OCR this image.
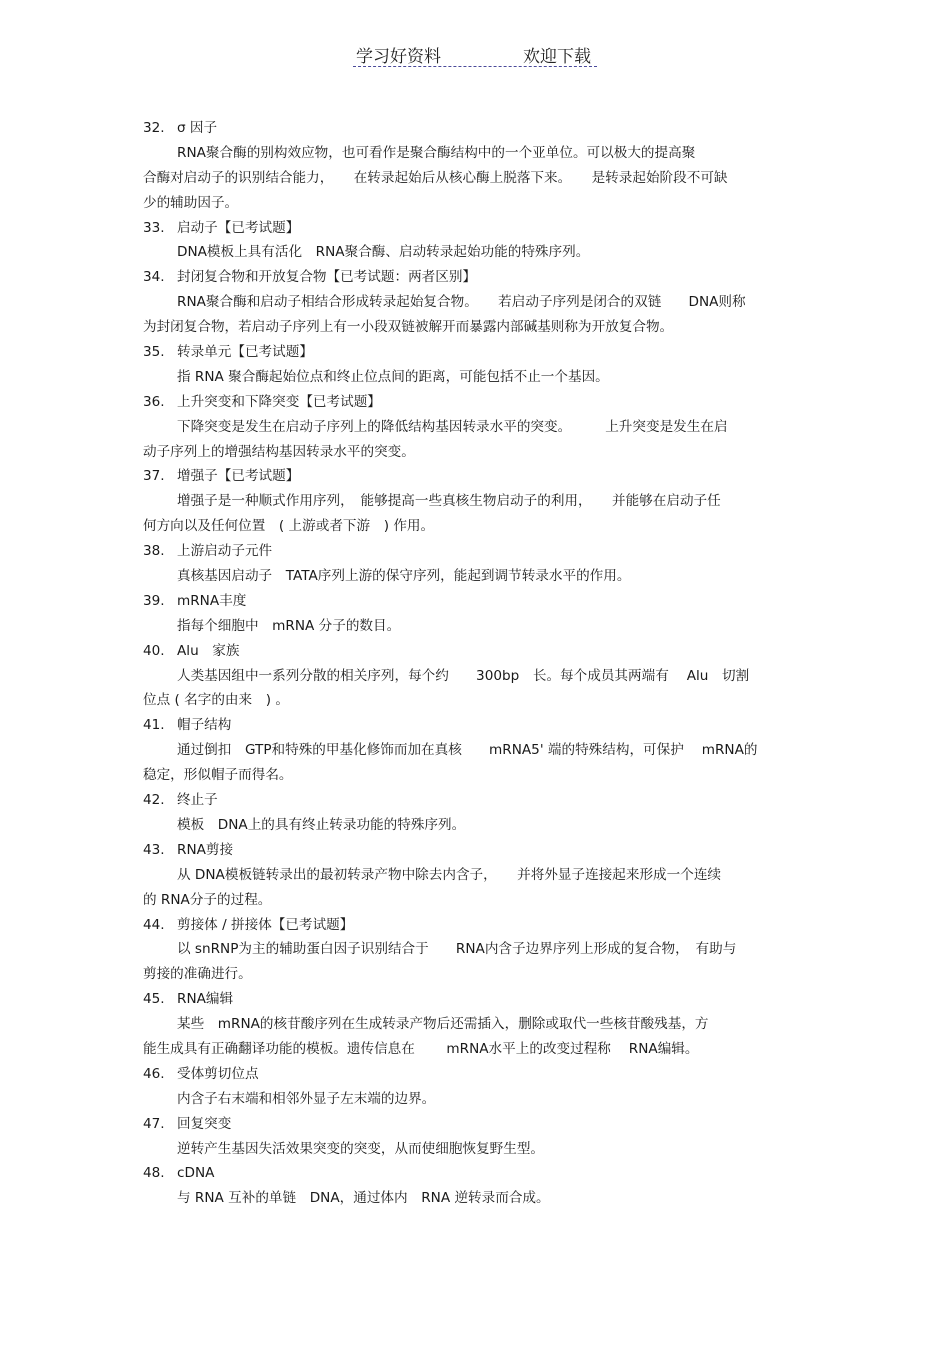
学习好资料	欢迎下载
32. σ 因子
RNA聚合酶的别构效应物，也可看作是聚合酶结构中的一个亚单位。可以极大的提高聚
合酶对启动子的识别结合能力，　　在转录起始后从核心酶上脱落下来。　　是转录起始阶段不可缺
少的辅助因子。
33. 启动子【已考试题】
DNA模板上具有活化　RNA聚合酶、启动转录起始功能的特殊序列。
34. 封闭复合物和开放复合物【已考试题：两者区别】
RNA聚合酶和启动子相结合形成转录起始复合物。　　若启动子序列是闭合的双链　　DNA则称
为封闭复合物，若启动子序列上有一小段双链被解开而暴露内部碱基则称为开放复合物。
35. 转录单元【已考试题】
指 RNA 聚合酶起始位点和终止位点间的距离，可能包括不止一个基因。
36. 上升突变和下降突变【已考试题】
下降突变是发生在启动子序列上的降低结构基因转录水平的突变。　　　上升突变是发生在启
动子序列上的增强结构基因转录水平的突变。
37. 增强子【已考试题】
增强子是一种顺式作用序列，　能够提高一些真核生物启动子的利用，　　并能够在启动子任
何方向以及任何位置　( 上游或者下游　) 作用。
38. 上游启动子元件
真核基因启动子　TATA序列上游的保守序列，能起到调节转录水平的作用。
39. mRNA丰度
指每个细胞中　mRNA 分子的数目。
40. Alu　家族
人类基因组中一系列分散的相关序列，每个约　　300bp　长。每个成员其两端有　 Alu　切割
位点 ( 名字的由来　) 。
41. 帽子结构
通过倒扣　GTP和特殊的甲基化修饰而加在真核　　mRNA5' 端的特殊结构，可保护　 mRNA的
稳定，形似帽子而得名。
42. 终止子
模板　DNA上的具有终止转录功能的特殊序列。
43. RNA剪接
从 DNA模板链转录出的最初转录产物中除去内含子，　　并将外显子连接起来形成一个连续
的 RNA分子的过程。
44. 剪接体 / 拼接体【已考试题】
以 snRNP为主的辅助蛋白因子识别结合于　　RNA内含子边界序列上形成的复合物，　有助与
剪接的准确进行。
45. RNA编辑
某些　mRNA的核苷酸序列在生成转录产物后还需插入，删除或取代一些核苷酸残基，方
能生成具有正确翻译功能的模板。遗传信息在　　 mRNA水平上的改变过程称　 RNA编辑。
46. 受体剪切位点
内含子右末端和相邻外显子左末端的边界。
47. 回复突变
逆转产生基因失活效果突变的突变，从而使细胞恢复野生型。
48. cDNA
与 RNA 互补的单链　DNA，通过体内　RNA 逆转录而合成。
